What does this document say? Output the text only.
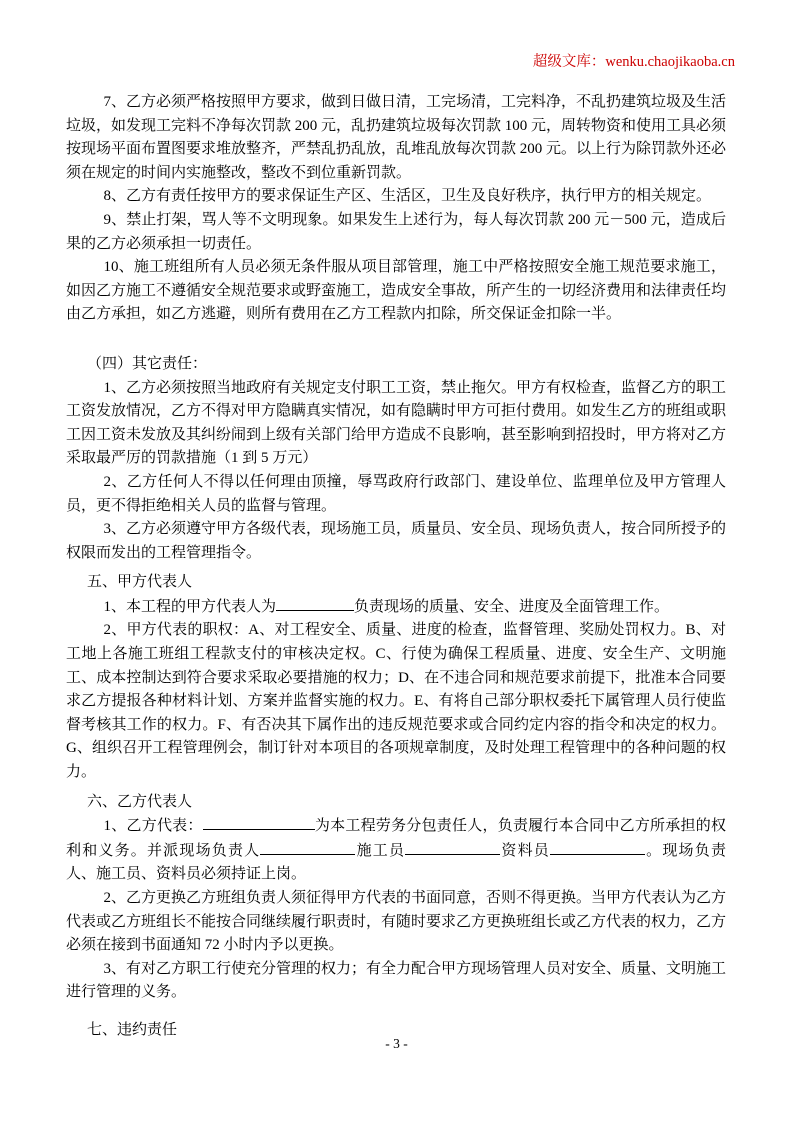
超级文库：wenku.chaojikaoba.cn

7、乙方必须严格按照甲方要求，做到日做日清，工完场清，工完料净，不乱扔建筑垃圾及生活垃圾，如发现工完料不净每次罚款 200 元，乱扔建筑垃圾每次罚款 100 元，周转物资和使用工具必须按现场平面布置图要求堆放整齐，严禁乱扔乱放，乱堆乱放每次罚款 200 元。以上行为除罚款外还必须在规定的时间内实施整改，整改不到位重新罚款。

8、乙方有责任按甲方的要求保证生产区、生活区，卫生及良好秩序，执行甲方的相关规定。

9、禁止打架，骂人等不文明现象。如果发生上述行为，每人每次罚款 200 元－500 元，造成后果的乙方必须承担一切责任。

10、施工班组所有人员必须无条件服从项目部管理，施工中严格按照安全施工规范要求施工，如因乙方施工不遵循安全规范要求或野蛮施工，造成安全事故，所产生的一切经济费用和法律责任均由乙方承担，如乙方逃避，则所有费用在乙方工程款内扣除，所交保证金扣除一半。

（四）其它责任：

1、乙方必须按照当地政府有关规定支付职工工资，禁止拖欠。甲方有权检查，监督乙方的职工工资发放情况，乙方不得对甲方隐瞒真实情况，如有隐瞒时甲方可拒付费用。如发生乙方的班组或职工因工资未发放及其纠纷闹到上级有关部门给甲方造成不良影响，甚至影响到招投时，甲方将对乙方采取最严厉的罚款措施（1 到 5 万元）

2、乙方任何人不得以任何理由顶撞，辱骂政府行政部门、建设单位、监理单位及甲方管理人员，更不得拒绝相关人员的监督与管理。

3、乙方必须遵守甲方各级代表，现场施工员，质量员、安全员、现场负责人，按合同所授予的权限而发出的工程管理指令。

五、甲方代表人

1、本工程的甲方代表人为	负责现场的质量、安全、进度及全面管理工作。

2、甲方代表的职权：A、对工程安全、质量、进度的检查，监督管理、奖励处罚权力。B、对工地上各施工班组工程款支付的审核决定权。C、行使为确保工程质量、进度、安全生产、文明施工、成本控制达到符合要求采取必要措施的权力；D、在不违合同和规范要求前提下，批准本合同要求乙方提报各种材料计划、方案并监督实施的权力。E、有将自己部分职权委托下属管理人员行使监督考核其工作的权力。F、有否决其下属作出的违反规范要求或合同约定内容的指令和决定的权力。G、组织召开工程管理例会，制订针对本项目的各项规章制度，及时处理工程管理中的各种问题的权力。

六、乙方代表人

1、乙方代表：	为本工程劳务分包责任人，负责履行本合同中乙方所承担的权利和义务。并派现场负责人	施工员	资料员	。现场负责人、施工员、资料员必须持证上岗。

2、乙方更换乙方班组负责人须征得甲方代表的书面同意，否则不得更换。当甲方代表认为乙方代表或乙方班组长不能按合同继续履行职责时，有随时要求乙方更换班组长或乙方代表的权力，乙方必须在接到书面通知 72 小时内予以更换。

3、有对乙方职工行使充分管理的权力；有全力配合甲方现场管理人员对安全、质量、文明施工进行管理的义务。

七、违约责任

- 3 -
